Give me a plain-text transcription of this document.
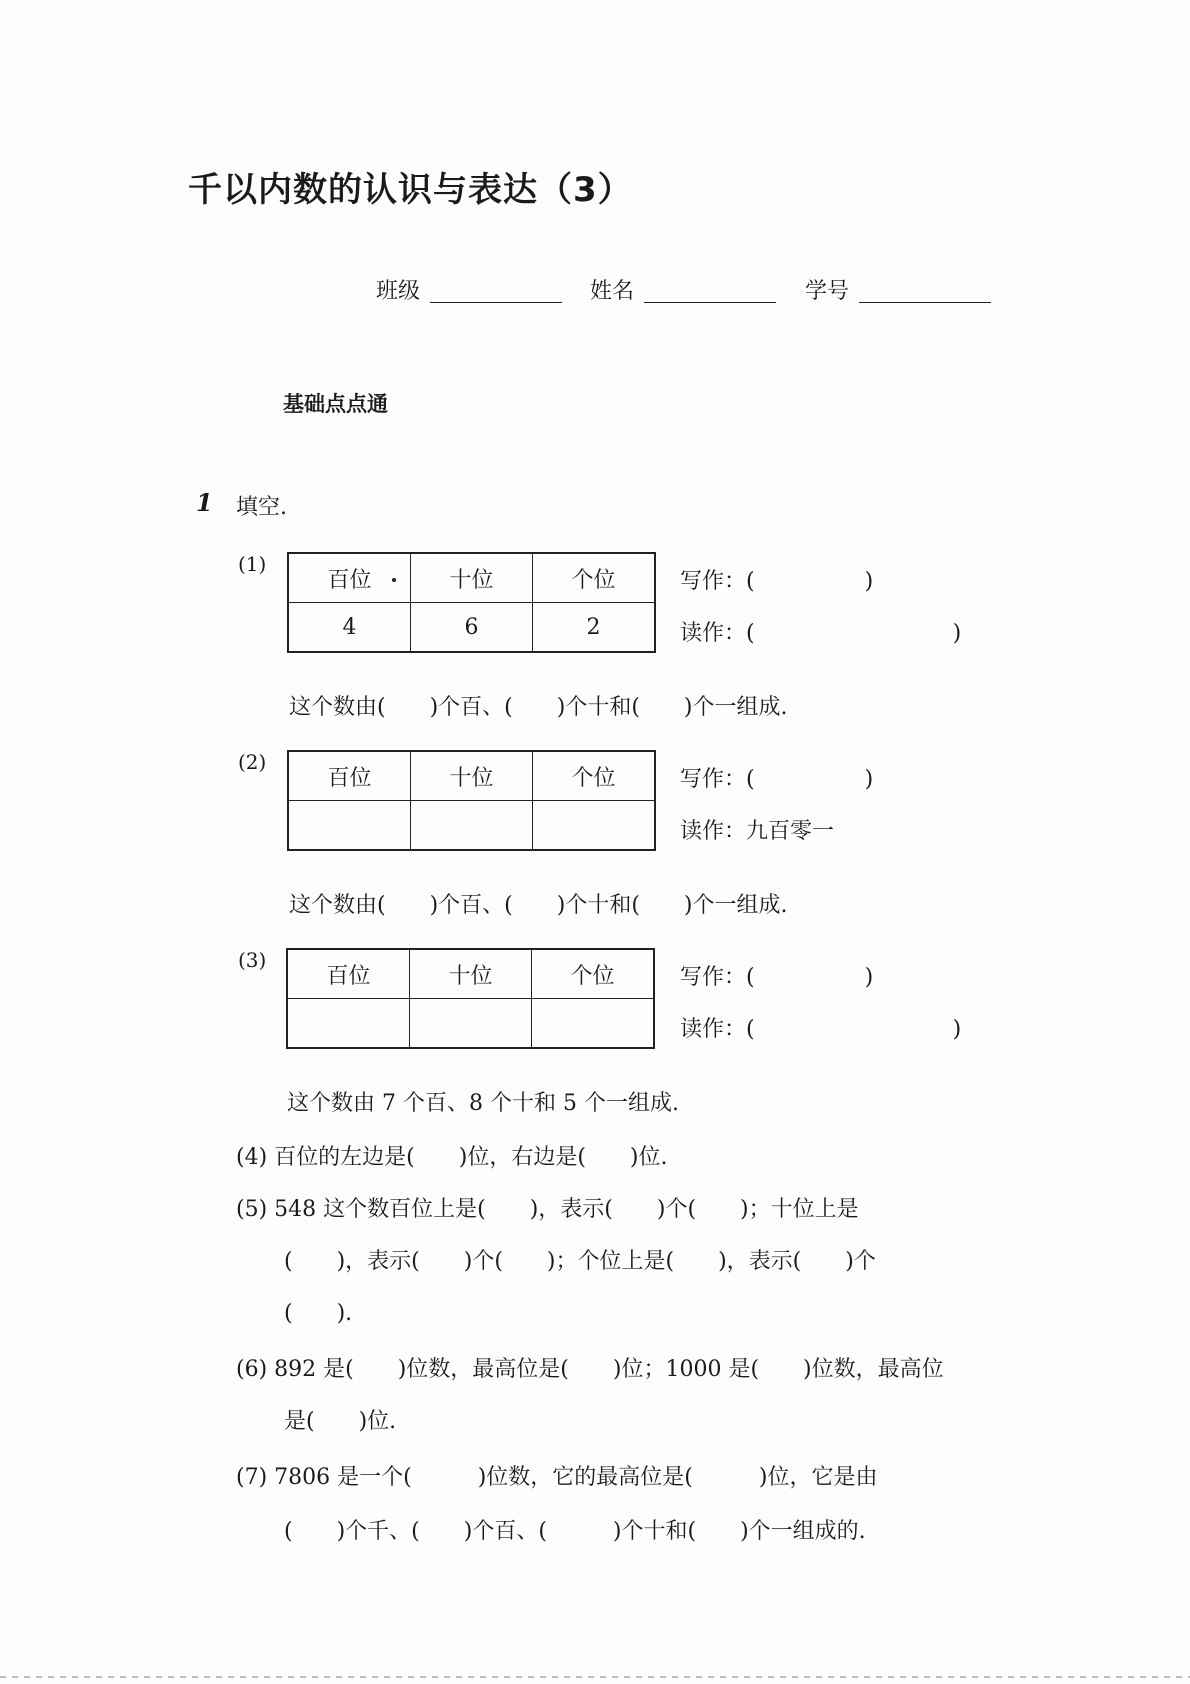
千以内数的认识与表达（3）
班级	姓名	学号
基础点点通
1 填空.
(1)
百位	十位	个位
4	6	2
写作：(　　　　　)
读作：(　　　　　　　　　)
这个数由(　　)个百、(　　)个十和(　　)个一组成.
(2)
百位	十位	个位
			写作：(　　　　　)
读作：九百零一
这个数由(　　)个百、(　　)个十和(　　)个一组成.
(3)
百位	十位	个位
			写作：(　　　　　)
读作：(　　　　　　　　　)
这个数由 7 个百、8 个十和 5 个一组成.
(4) 百位的左边是(　　)位，右边是(　　)位.
(5) 548 这个数百位上是(　　)，表示(　　)个(　　)；十位上是
(　　)，表示(　　)个(　　)；个位上是(　　)，表示(　　)个
(　　).
(6) 892 是(　　)位数，最高位是(　　)位；1000 是(　　)位数，最高位
是(　　)位.
(7) 7806 是一个(　　　)位数，它的最高位是(　　　)位，它是由
(　　)个千、(　　)个百、(　　　)个十和(　　)个一组成的.
